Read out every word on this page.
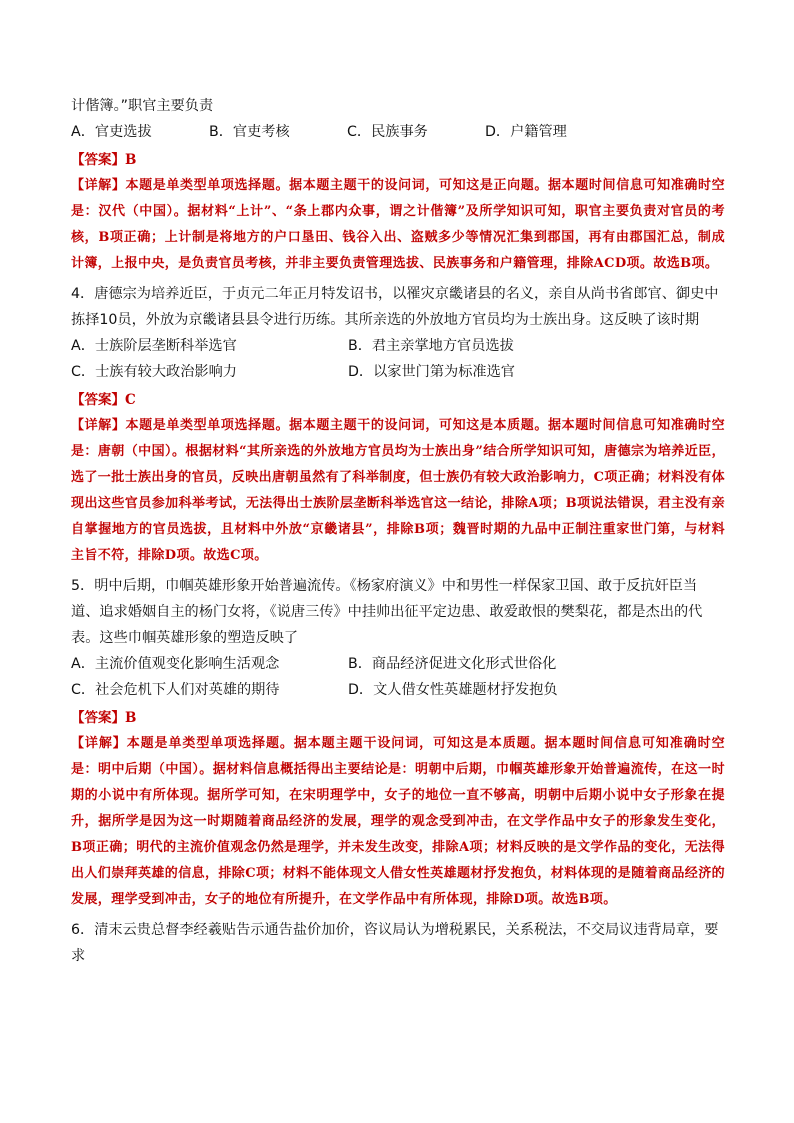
计偕簿。”职官主要负责

A．官吏选拔	B．官吏考核	C．民族事务	D．户籍管理

【答案】B

【详解】本题是单类型单项选择题。据本题主题干的设问词，可知这是正向题。据本题时间信息可知准确时空是：汉代（中国）。据材料“上计”、“条上郡内众事，谓之计偕簿”及所学知识可知，职官主要负责对官员的考核，B项正确；上计制是将地方的户口垦田、钱谷入出、盗贼多少等情况汇集到郡国，再有由郡国汇总，制成计簿，上报中央，是负责官员考核，并非主要负责管理选拔、民族事务和户籍管理，排除ACD项。故选B项。

4．唐德宗为培养近臣，于贞元二年正月特发诏书，以罹灾京畿诸县的名义，亲自从尚书省郎官、御史中拣择10员，外放为京畿诸县县令进行历练。其所亲选的外放地方官员均为士族出身。这反映了该时期

A．士族阶层垄断科举选官	B．君主亲掌地方官员选拔
C．士族有较大政治影响力	D．以家世门第为标准选官

【答案】C

【详解】本题是单类型单项选择题。据本题主题干的设问词，可知这是本质题。据本题时间信息可知准确时空是：唐朝（中国）。根据材料“其所亲选的外放地方官员均为士族出身”结合所学知识可知，唐德宗为培养近臣，选了一批士族出身的官员，反映出唐朝虽然有了科举制度，但士族仍有较大政治影响力，C项正确；材料没有体现出这些官员参加科举考试，无法得出士族阶层垄断科举选官这一结论，排除A项；B项说法错误，君主没有亲自掌握地方的官员选拔，且材料中外放“京畿诸县”，排除B项；魏晋时期的九品中正制注重家世门第，与材料主旨不符，排除D项。故选C项。

5．明中后期，巾帼英雄形象开始普遍流传。《杨家府演义》中和男性一样保家卫国、敢于反抗奸臣当道、追求婚姻自主的杨门女将，《说唐三传》中挂帅出征平定边患、敢爱敢恨的樊梨花，都是杰出的代表。这些巾帼英雄形象的塑造反映了

A．主流价值观变化影响生活观念	B．商品经济促进文化形式世俗化
C．社会危机下人们对英雄的期待	D．文人借女性英雄题材抒发抱负

【答案】B

【详解】本题是单类型单项选择题。据本题主题干设问词，可知这是本质题。据本题时间信息可知准确时空是：明中后期（中国）。据材料信息概括得出主要结论是：明朝中后期，巾帼英雄形象开始普遍流传，在这一时期的小说中有所体现。据所学可知，在宋明理学中，女子的地位一直不够高，明朝中后期小说中女子形象在提升，据所学是因为这一时期随着商品经济的发展，理学的观念受到冲击，在文学作品中女子的形象发生变化，B项正确；明代的主流价值观念仍然是理学，并未发生改变，排除A项；材料反映的是文学作品的变化，无法得出人们崇拜英雄的信息，排除C项；材料不能体现文人借女性英雄题材抒发抱负，材料体现的是随着商品经济的发展，理学受到冲击，女子的地位有所提升，在文学作品中有所体现，排除D项。故选B项。

6．清末云贵总督李经羲贴告示通告盐价加价，咨议局认为增税累民，关系税法，不交局议违背局章，要求
